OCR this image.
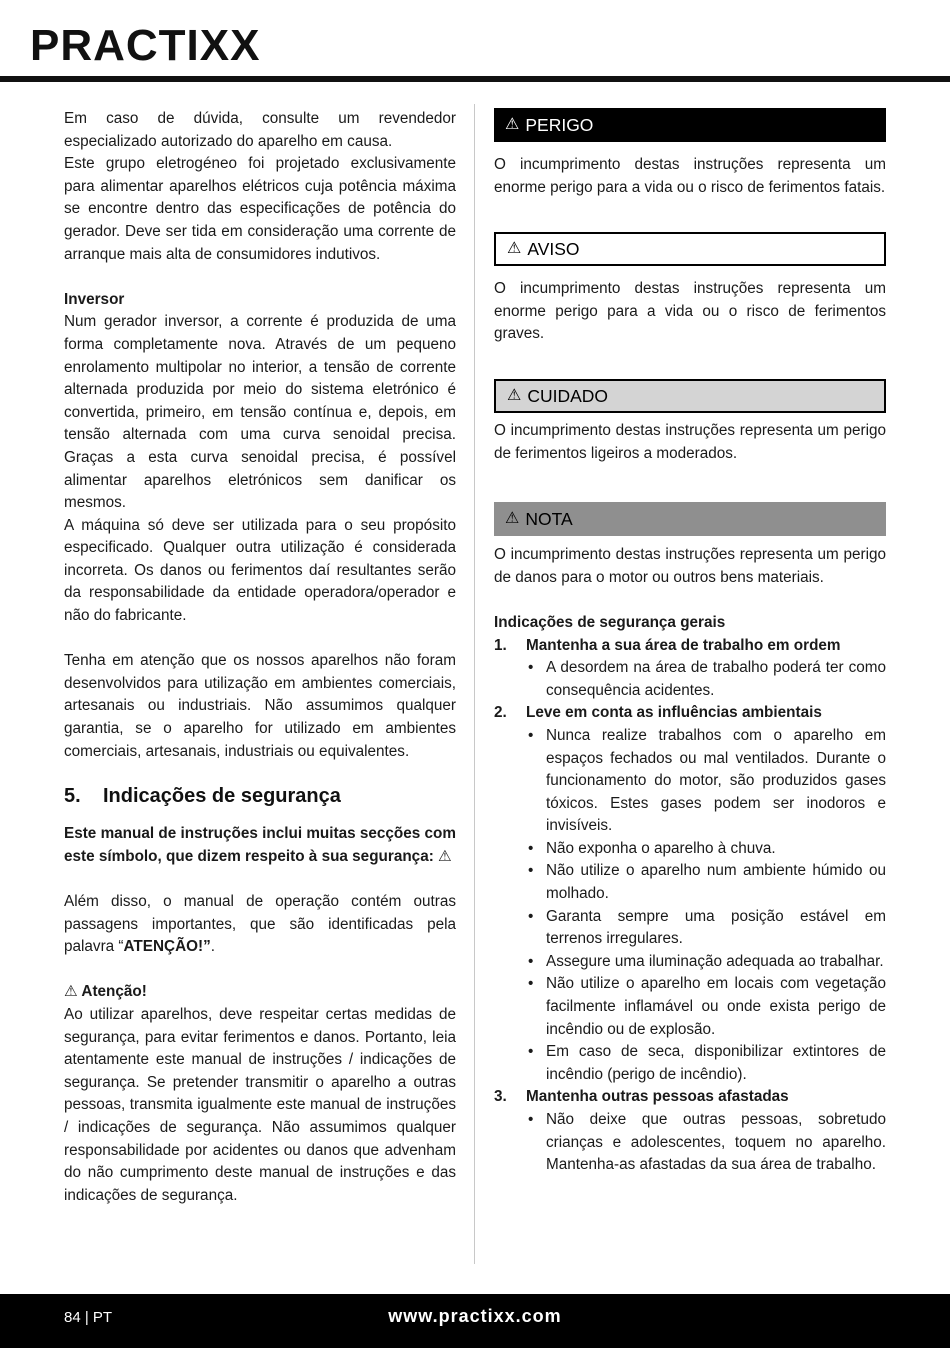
PRACTIXX

Em caso de dúvida, consulte um revendedor especializado autorizado do aparelho em causa.

Este grupo eletrogéneo foi projetado exclusivamente para alimentar aparelhos elétricos cuja potência máxima se encontre dentro das especificações de potência do gerador. Deve ser tida em consideração uma corrente de arranque mais alta de consumidores indutivos.

Inversor

Num gerador inversor, a corrente é produzida de uma forma completamente nova. Através de um pequeno enrolamento multipolar no interior, a tensão de corrente alternada produzida por meio do sistema eletrónico é convertida, primeiro, em tensão contínua e, depois, em tensão alternada com uma curva senoidal precisa. Graças a esta curva senoidal precisa, é possível alimentar aparelhos eletrónicos sem danificar os mesmos.

A máquina só deve ser utilizada para o seu propósito especificado. Qualquer outra utilização é considerada incorreta. Os danos ou ferimentos daí resultantes serão da responsabilidade da entidade operadora/operador e não do fabricante.

Tenha em atenção que os nossos aparelhos não foram desenvolvidos para utilização em ambientes comerciais, artesanais ou industriais. Não assumimos qualquer garantia, se o aparelho for utilizado em ambientes comerciais, artesanais, industriais ou equivalentes.

5.	Indicações de segurança

Este manual de instruções inclui muitas secções com este símbolo, que dizem respeito à sua segurança: ⚠

Além disso, o manual de operação contém outras passagens importantes, que são identificadas pela palavra “ATENÇÃO!”.

⚠ Atenção!

Ao utilizar aparelhos, deve respeitar certas medidas de segurança, para evitar ferimentos e danos. Portanto, leia atentamente este manual de instruções / indicações de segurança. Se pretender transmitir o aparelho a outras pessoas, transmita igualmente este manual de instruções / indicações de segurança. Não assumimos qualquer responsabilidade por acidentes ou danos que advenham do não cumprimento deste manual de instruções e das indicações de segurança.

⚠ PERIGO

O incumprimento destas instruções representa um enorme perigo para a vida ou o risco de ferimentos fatais.

⚠ AVISO

O incumprimento destas instruções representa um enorme perigo para a vida ou o risco de ferimentos graves.

⚠ CUIDADO

O incumprimento destas instruções representa um perigo de ferimentos ligeiros a moderados.

⚠ NOTA

O incumprimento destas instruções representa um perigo de danos para o motor ou outros bens materiais.

Indicações de segurança gerais

1. Mantenha a sua área de trabalho em ordem
• A desordem na área de trabalho poderá ter como consequência acidentes.
2. Leve em conta as influências ambientais
• Nunca realize trabalhos com o aparelho em espaços fechados ou mal ventilados. Durante o funcionamento do motor, são produzidos gases tóxicos. Estes gases podem ser inodoros e invisíveis.
• Não exponha o aparelho à chuva.
• Não utilize o aparelho num ambiente húmido ou molhado.
• Garanta sempre uma posição estável em terrenos irregulares.
• Assegure uma iluminação adequada ao trabalhar.
• Não utilize o aparelho em locais com vegetação facilmente inflamável ou onde exista perigo de incêndio ou de explosão.
• Em caso de seca, disponibilizar extintores de incêndio (perigo de incêndio).
3. Mantenha outras pessoas afastadas
• Não deixe que outras pessoas, sobretudo crianças e adolescentes, toquem no aparelho. Mantenha-as afastadas da sua área de trabalho.
84 | PT	www.practixx.com
